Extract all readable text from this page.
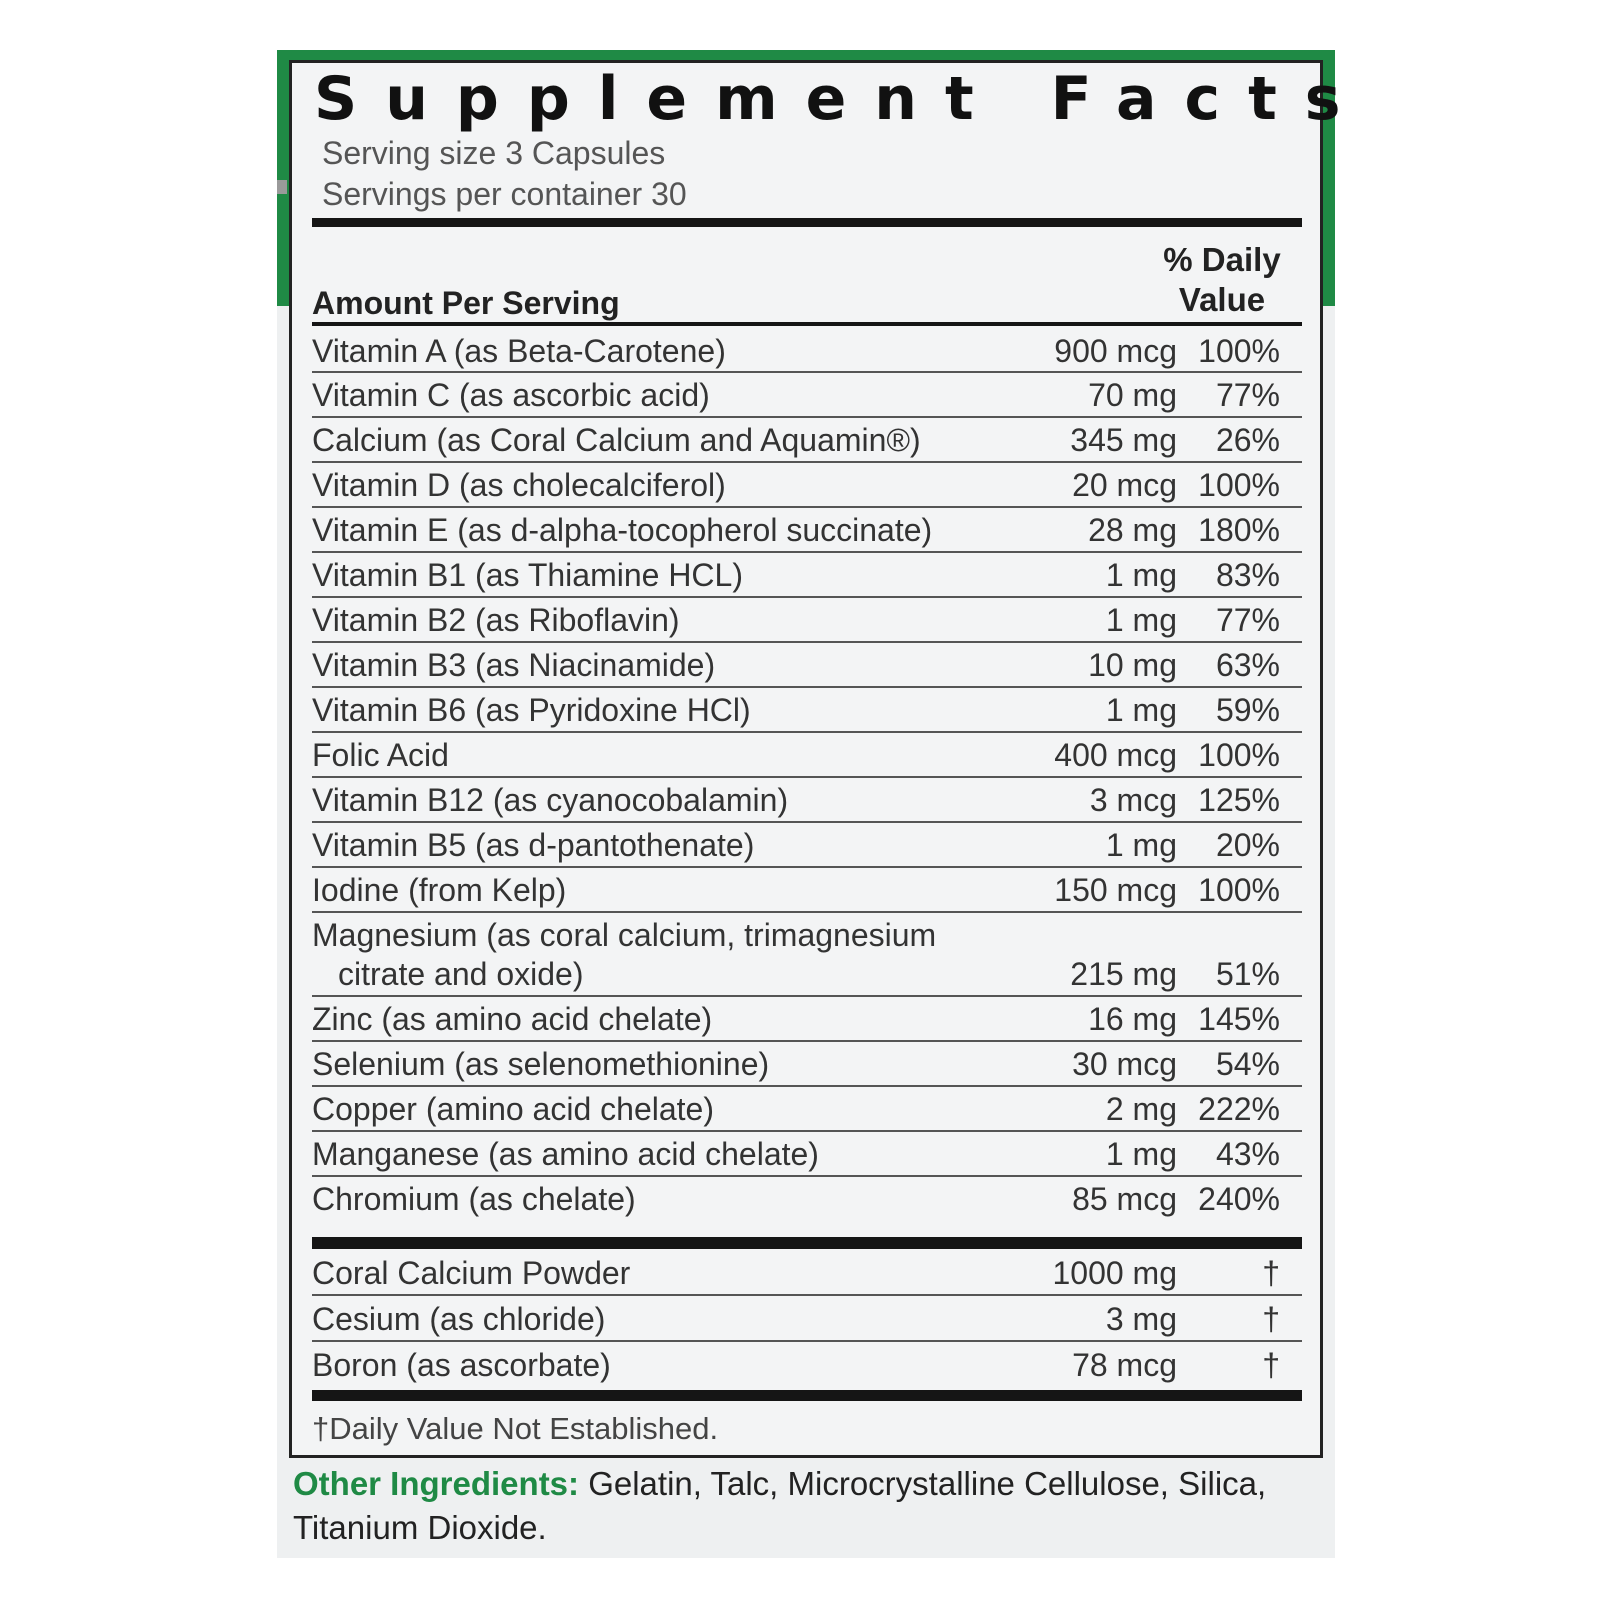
Supplement Facts
Serving size 3 Capsules
Servings per container 30
Amount Per Serving
% Daily
Value
Vitamin A (as Beta-Carotene)	900 mcg 100%
Vitamin C (as ascorbic acid)	70 mg 77%
Calcium (as Coral Calcium and Aquamin®)	345 mg 26%
Vitamin D (as cholecalciferol)	20 mcg 100%
Vitamin E (as d-alpha-tocopherol succinate)	28 mg 180%
Vitamin B1 (as Thiamine HCL)	1 mg 83%
Vitamin B2 (as Riboflavin)	1 mg 77%
Vitamin B3 (as Niacinamide)	10 mg 63%
Vitamin B6 (as Pyridoxine HCl)	1 mg 59%
Folic Acid	400 mcg 100%
Vitamin B12 (as cyanocobalamin)	3 mcg 125%
Vitamin B5 (as d-pantothenate)	1 mg 20%
Iodine (from Kelp)	150 mcg 100%
Magnesium (as coral calcium, trimagnesium
citrate and oxide)	215 mg 51%
Zinc (as amino acid chelate)	16 mg 145%
Selenium (as selenomethionine)	30 mcg 54%
Copper (amino acid chelate)	2 mg 222%
Manganese (as amino acid chelate)	1 mg 43%
Chromium (as chelate)	85 mcg 240%
Coral Calcium Powder	1000 mg	†
Cesium (as chloride)	3 mg	†
Boron (as ascorbate)	78 mcg	†
†Daily Value Not Established.
Other Ingredients: Gelatin, Talc, Microcrystalline Cellulose, Silica, Titanium Dioxide.
